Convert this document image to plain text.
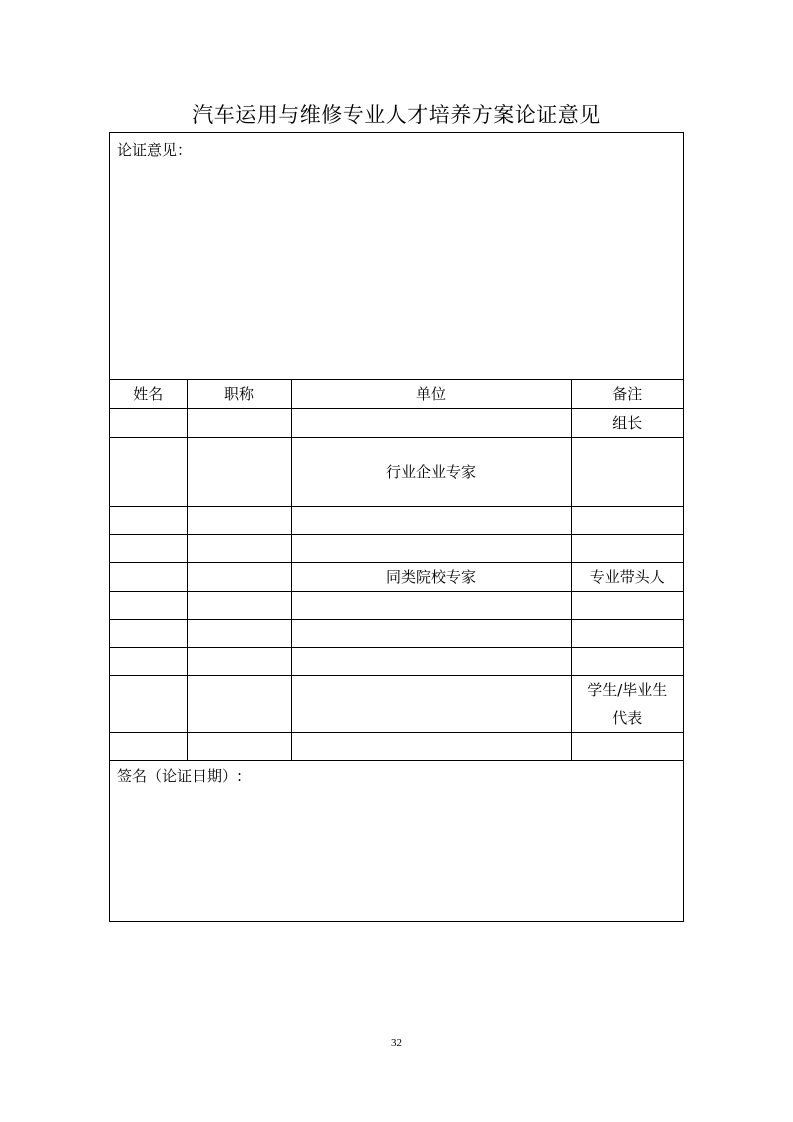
汽车运用与维修专业人才培养方案论证意见
论证意见：
姓名	职称	单位	备注
			组长
		行业企业专家	

		同类院校专家	专业带头人

			学生/毕业生代表

签名（论证日期）:
32
